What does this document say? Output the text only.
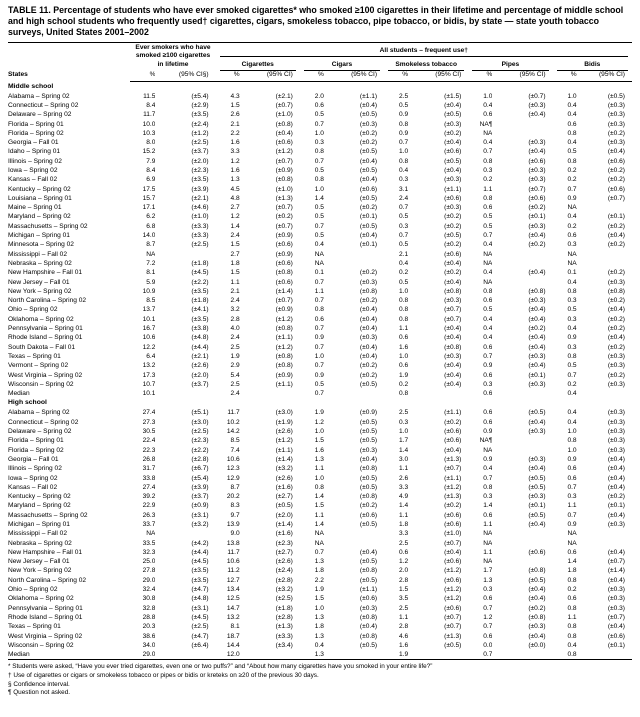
TABLE 11. Percentage of students who have ever smoked cigarettes* who smoked ≥100 cigarettes in their lifetime and percentage of middle school and high school students who frequently used† cigarettes, cigars, smokeless tobacco, pipe tobacco, or bidis, by state — state youth tobacco surveys, United States 2001–2002
States	Ever smokers who have smoked ≥100 cigarettes in lifetime		All students – frequent use†									

			Cigarettes		Cigars		Smokeless tobacco		Pipes		Bidis	

	%	(95% CI§)	%	(95% CI)	%	(95% CI)	%	(95% CI)	%	(95% CI)	%	(95% CI)
Middle school												
Alabama – Spring 02	11.5	(±5.4)	4.3	(±2.1)	2.0	(±1.1)	2.5	(±1.5)	1.0	(±0.7)	1.0	(±0.5)
Connecticut – Spring 02	8.4	(±2.9)	1.5	(±0.7)	0.6	(±0.4)	0.5	(±0.4)	0.4	(±0.3)	0.4	(±0.3)
Delaware – Spring 02	11.7	(±3.5)	2.6	(±1.0)	0.5	(±0.5)	0.9	(±0.5)	0.6	(±0.4)	0.4	(±0.3)
Florida – Spring 01	10.0	(±2.4)	2.1	(±0.8)	0.7	(±0.3)	0.8	(±0.3)	NA¶		0.6	(±0.3)
Florida – Spring 02	10.3	(±1.2)	2.2	(±0.4)	1.0	(±0.2)	0.9	(±0.2)	NA		0.8	(±0.2)
Georgia – Fall 01	8.0	(±2.5)	1.6	(±0.6)	0.3	(±0.2)	0.7	(±0.4)	0.4	(±0.3)	0.4	(±0.3)
Idaho – Spring 01	15.2	(±3.7)	3.3	(±1.2)	0.8	(±0.5)	1.0	(±0.6)	0.7	(±0.4)	0.5	(±0.4)
Illinois – Spring 02	7.9	(±2.0)	1.2	(±0.7)	0.7	(±0.4)	0.8	(±0.5)	0.8	(±0.6)	0.8	(±0.6)
Iowa – Spring 02	8.4	(±2.3)	1.6	(±0.9)	0.5	(±0.5)	0.4	(±0.4)	0.3	(±0.3)	0.2	(±0.2)
Kansas – Fall 02	6.9	(±3.5)	1.3	(±0.8)	0.8	(±0.4)	0.3	(±0.3)	0.2	(±0.3)	0.2	(±0.2)
Kentucky – Spring 02	17.5	(±3.9)	4.5	(±1.0)	1.0	(±0.6)	3.1	(±1.1)	1.1	(±0.7)	0.7	(±0.6)
Louisiana – Spring 01	15.7	(±2.1)	4.8	(±1.3)	1.4	(±0.5)	2.4	(±0.6)	0.8	(±0.6)	0.9	(±0.7)
Maine – Spring 01	17.1	(±4.6)	2.7	(±0.7)	0.5	(±0.2)	0.7	(±0.3)	0.6	(±0.2)	NA	
Maryland – Spring 02	6.2	(±1.0)	1.2	(±0.2)	0.5	(±0.1)	0.5	(±0.2)	0.5	(±0.1)	0.4	(±0.1)
Massachusetts – Spring 02	6.8	(±3.3)	1.4	(±0.7)	0.7	(±0.5)	0.3	(±0.2)	0.5	(±0.3)	0.2	(±0.2)
Michigan – Spring 01	14.0	(±3.3)	2.4	(±0.9)	0.5	(±0.4)	0.7	(±0.5)	0.7	(±0.4)	0.6	(±0.4)
Minnesota – Spring 02	8.7	(±2.5)	1.5	(±0.6)	0.4	(±0.1)	0.5	(±0.2)	0.4	(±0.2)	0.3	(±0.2)
Mississippi – Fall 02	NA		2.7	(±0.9)	NA		2.1	(±0.6)	NA		NA	
Nebraska – Spring 02	7.2	(±1.8)	1.8	(±0.6)	NA		0.4	(±0.4)	NA		NA	
New Hampshire – Fall 01	8.1	(±4.5)	1.5	(±0.8)	0.1	(±0.2)	0.2	(±0.2)	0.4	(±0.4)	0.1	(±0.2)
New Jersey – Fall 01	5.9	(±2.2)	1.1	(±0.6)	0.7	(±0.3)	0.5	(±0.4)	NA		0.4	(±0.3)
New York – Spring 02	10.9	(±3.5)	2.1	(±1.4)	1.1	(±0.8)	1.0	(±0.8)	0.8	(±0.8)	0.8	(±0.8)
North Carolina – Spring 02	8.5	(±1.8)	2.4	(±0.7)	0.7	(±0.2)	0.8	(±0.3)	0.6	(±0.3)	0.3	(±0.2)
Ohio – Spring 02	13.7	(±4.1)	3.2	(±0.9)	0.8	(±0.4)	0.8	(±0.7)	0.5	(±0.4)	0.5	(±0.4)
Oklahoma – Spring 02	10.1	(±3.5)	2.8	(±1.2)	0.6	(±0.4)	0.8	(±0.7)	0.4	(±0.4)	0.3	(±0.2)
Pennsylvania – Spring 01	16.7	(±3.8)	4.0	(±0.8)	0.7	(±0.4)	1.1	(±0.4)	0.4	(±0.2)	0.4	(±0.2)
Rhode Island – Spring 01	10.6	(±4.8)	2.4	(±1.1)	0.9	(±0.3)	0.6	(±0.4)	0.4	(±0.4)	0.9	(±0.4)
South Dakota – Fall 01	12.2	(±4.4)	2.5	(±1.2)	0.7	(±0.4)	1.6	(±0.8)	0.6	(±0.4)	0.3	(±0.2)
Texas – Spring 01	6.4	(±2.1)	1.9	(±0.8)	1.0	(±0.4)	1.0	(±0.3)	0.7	(±0.3)	0.8	(±0.3)
Vermont – Spring 02	13.2	(±2.6)	2.9	(±0.8)	0.7	(±0.2)	0.6	(±0.4)	0.9	(±0.4)	0.5	(±0.3)
West Virginia – Spring 02	17.3	(±2.0)	5.4	(±0.9)	0.9	(±0.2)	1.9	(±0.4)	0.6	(±0.1)	0.7	(±0.2)
Wisconsin – Spring 02	10.7	(±3.7)	2.5	(±1.1)	0.5	(±0.5)	0.2	(±0.4)	0.3	(±0.3)	0.2	(±0.3)
Median	10.1		2.4		0.7		0.8		0.6		0.4	
High school												
Alabama – Spring 02	27.4	(±5.1)	11.7	(±3.0)	1.9	(±0.9)	2.5	(±1.1)	0.6	(±0.5)	0.4	(±0.3)
Connecticut – Spring 02	27.3	(±3.0)	10.2	(±1.9)	1.2	(±0.5)	0.3	(±0.2)	0.6	(±0.4)	0.4	(±0.3)
Delaware – Spring 02	30.5	(±2.5)	14.2	(±2.6)	1.0	(±0.5)	1.0	(±0.6)	0.9	(±0.3)	1.0	(±0.3)
Florida – Spring 01	22.4	(±2.3)	8.5	(±1.2)	1.5	(±0.5)	1.7	(±0.6)	NA¶		0.8	(±0.3)
Florida – Spring 02	22.3	(±2.2)	7.4	(±1.1)	1.6	(±0.3)	1.4	(±0.4)	NA		1.0	(±0.3)
Georgia – Fall 01	26.8	(±2.8)	10.6	(±1.4)	1.3	(±0.4)	3.0	(±1.3)	0.9	(±0.3)	0.9	(±0.4)
Illinois – Spring 02	31.7	(±6.7)	12.3	(±3.2)	1.1	(±0.8)	1.1	(±0.7)	0.4	(±0.4)	0.6	(±0.4)
Iowa – Spring 02	33.8	(±5.4)	12.9	(±2.6)	1.0	(±0.5)	2.6	(±1.1)	0.7	(±0.5)	0.6	(±0.4)
Kansas – Fall 02	27.4	(±3.9)	8.7	(±1.6)	0.8	(±0.5)	3.3	(±1.2)	0.8	(±0.5)	0.7	(±0.4)
Kentucky – Spring 02	39.2	(±3.7)	20.2	(±2.7)	1.4	(±0.8)	4.9	(±1.3)	0.3	(±0.3)	0.3	(±0.2)
Maryland – Spring 02	22.9	(±0.9)	8.3	(±0.5)	1.5	(±0.2)	1.4	(±0.2)	1.4	(±0.1)	1.1	(±0.1)
Massachusetts – Spring 02	26.3	(±3.1)	9.7	(±2.0)	1.1	(±0.6)	1.1	(±0.6)	0.6	(±0.5)	0.7	(±0.4)
Michigan – Spring 01	33.7	(±3.2)	13.9	(±1.4)	1.4	(±0.5)	1.8	(±0.6)	1.1	(±0.4)	0.9	(±0.3)
Mississippi – Fall 02	NA		9.0	(±1.6)	NA		3.3	(±1.0)	NA		NA	
Nebraska – Spring 02	33.5	(±4.2)	13.8	(±2.3)	NA		2.5	(±0.7)	NA		NA	
New Hampshire – Fall 01	32.3	(±4.4)	11.7	(±2.7)	0.7	(±0.4)	0.6	(±0.4)	1.1	(±0.6)	0.6	(±0.4)
New Jersey – Fall 01	25.0	(±4.5)	10.6	(±2.6)	1.3	(±0.5)	1.2	(±0.6)	NA		1.4	(±0.7)
New York – Spring 02	27.8	(±3.5)	11.2	(±2.4)	1.8	(±0.8)	2.0	(±1.2)	1.7	(±0.8)	1.8	(±1.4)
North Carolina – Spring 02	29.0	(±3.5)	12.7	(±2.8)	2.2	(±0.5)	2.8	(±0.6)	1.3	(±0.5)	0.8	(±0.4)
Ohio – Spring 02	32.4	(±4.7)	13.4	(±3.2)	1.9	(±1.1)	1.5	(±1.2)	0.3	(±0.4)	0.2	(±0.3)
Oklahoma – Spring 02	30.8	(±4.8)	12.5	(±2.5)	1.5	(±0.6)	3.5	(±1.2)	0.6	(±0.4)	0.6	(±0.3)
Pennsylvania – Spring 01	32.8	(±3.1)	14.7	(±1.8)	1.0	(±0.3)	2.5	(±0.6)	0.7	(±0.2)	0.8	(±0.3)
Rhode Island – Spring 01	28.8	(±4.5)	13.2	(±2.8)	1.3	(±0.8)	1.1	(±0.7)	1.2	(±0.8)	1.1	(±0.7)
Texas – Spring 01	20.3	(±2.5)	8.1	(±1.3)	1.8	(±0.4)	2.8	(±0.7)	0.7	(±0.3)	0.8	(±0.4)
West Virginia – Spring 02	38.6	(±4.7)	18.7	(±3.3)	1.3	(±0.8)	4.6	(±1.3)	0.6	(±0.4)	0.8	(±0.6)
Wisconsin – Spring 02	34.0	(±6.4)	14.4	(±3.4)	0.4	(±0.5)	1.6	(±0.5)	0.0	(±0.0)	0.4	(±0.1)
Median	29.0		12.0		1.3		1.9		0.7		0.8	
* Students were asked, “Have you ever tried cigarettes, even one or two puffs?” and “About how many cigarettes have you smoked in your entire life?”
† Use of cigarettes or cigars or smokeless tobacco or pipes or bidis or kreteks on ≥20 of the previous 30 days.
§ Confidence interval.
¶ Question not asked.
